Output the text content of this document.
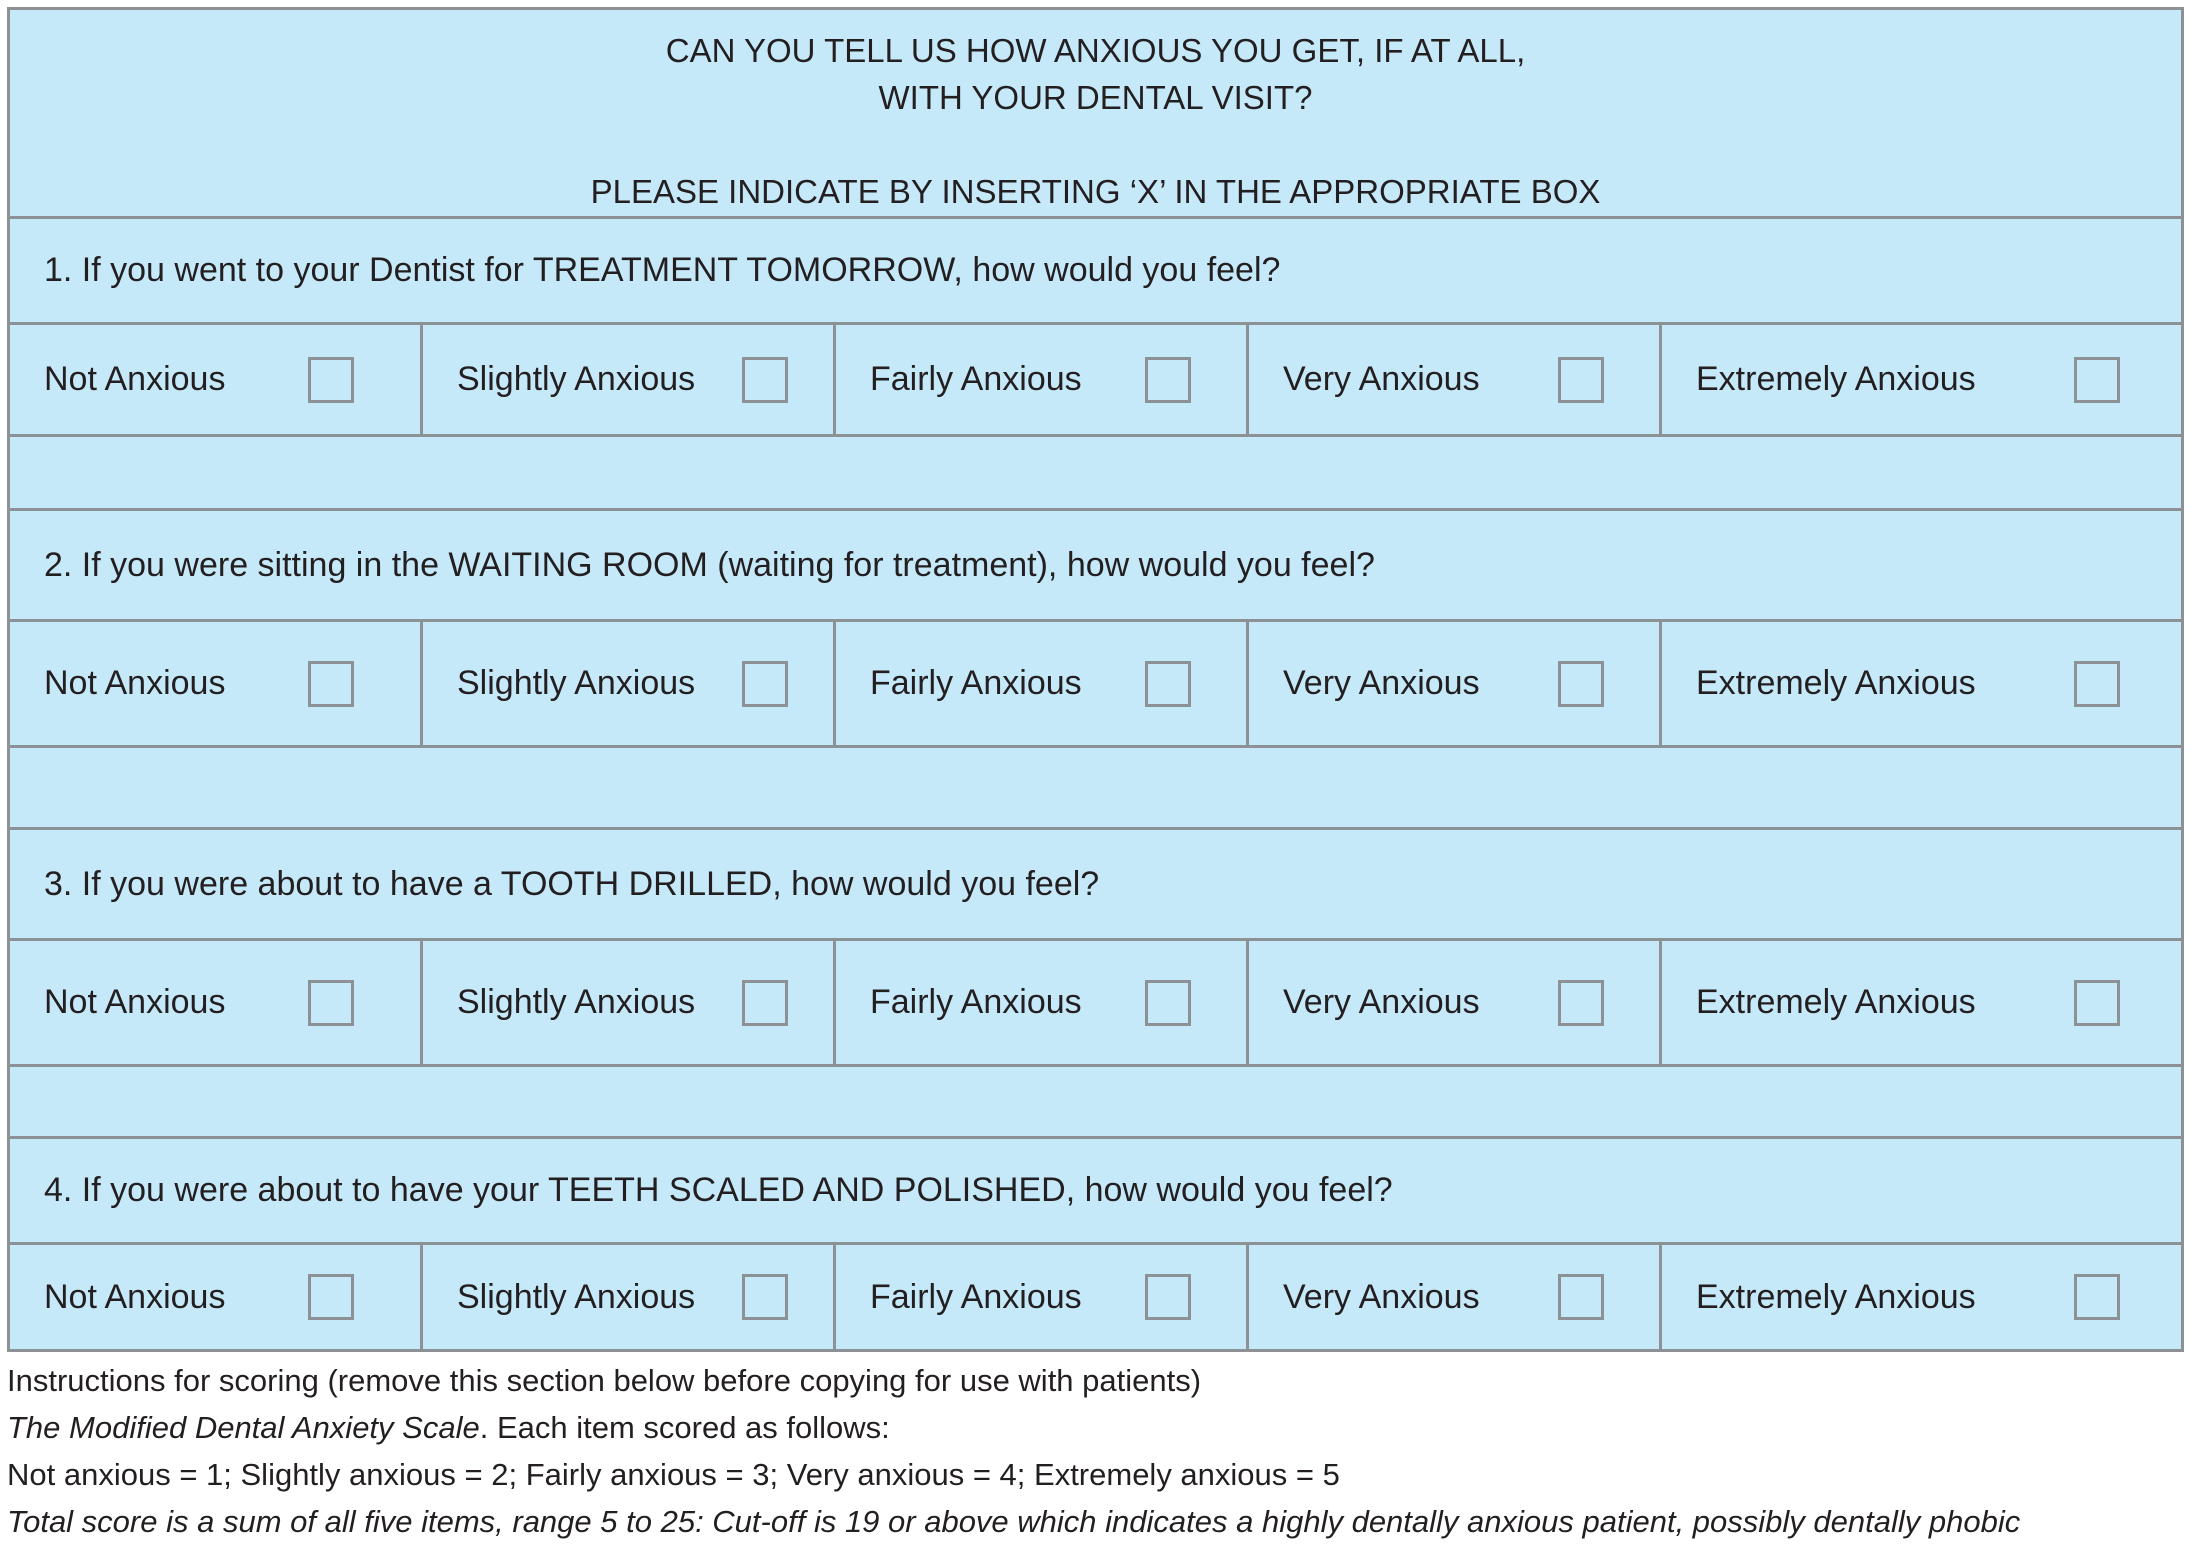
CAN YOU TELL US HOW ANXIOUS YOU GET, IF AT ALL,
WITH YOUR DENTAL VISIT?
PLEASE INDICATE BY INSERTING ‘X’ IN THE APPROPRIATE BOX
1. If you went to your Dentist for TREATMENT TOMORROW, how would you feel?
Not Anxious	Slightly Anxious	Fairly Anxious	Very Anxious	Extremely Anxious
2. If you were sitting in the WAITING ROOM (waiting for treatment), how would you feel?
Not Anxious	Slightly Anxious	Fairly Anxious	Very Anxious	Extremely Anxious
3. If you were about to have a TOOTH DRILLED, how would you feel?
Not Anxious	Slightly Anxious	Fairly Anxious	Very Anxious	Extremely Anxious
4. If you were about to have your TEETH SCALED AND POLISHED, how would you feel?
Not Anxious	Slightly Anxious	Fairly Anxious	Very Anxious	Extremely Anxious
Instructions for scoring (remove this section below before copying for use with patients)
The Modified Dental Anxiety Scale. Each item scored as follows:
Not anxious = 1; Slightly anxious = 2; Fairly anxious = 3; Very anxious = 4; Extremely anxious = 5
Total score is a sum of all five items, range 5 to 25: Cut-off is 19 or above which indicates a highly dentally anxious patient, possibly dentally phobic
